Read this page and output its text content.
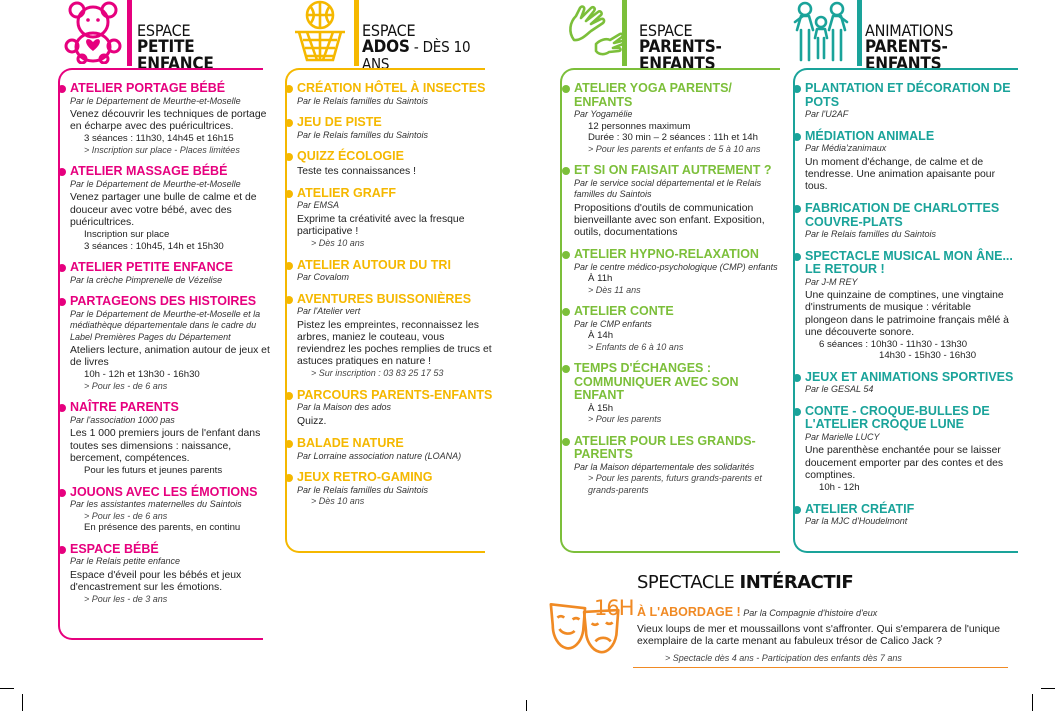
ESPACE
PETITE ENFANCE
ATELIER PORTAGE BÉBÉ
Par le Département de Meurthe-et-Moselle
Venez découvrir les techniques de portage en écharpe avec des puéricultrices.
3 séances : 11h30, 14h45 et 16h15
> Inscription sur place - Places limitées
ATELIER MASSAGE BÉBÉ
Par le Département de Meurthe-et-Moselle
Venez partager une bulle de calme et de douceur avec votre bébé, avec des puéricultrices.
Inscription sur place
3 séances : 10h45, 14h et 15h30
ATELIER PETITE ENFANCE
Par la crèche Pimprenelle de Vézelise
PARTAGEONS DES HISTOIRES
Par le Département de Meurthe-et-Moselle et la médiathèque départementale dans le cadre du Label Premières Pages du Département
Ateliers lecture, animation autour de jeux et de livres
10h - 12h et 13h30 - 16h30
> Pour les - de 6 ans
NAÎTRE PARENTS
Par l'association 1000 pas
Les 1 000 premiers jours de l'enfant dans toutes ses dimensions : naissance, bercement, compétences.
Pour les futurs et jeunes parents
JOUONS AVEC LES ÉMOTIONS
Par les assistantes maternelles du Saintois
> Pour les - de 6 ans
En présence des parents, en continu
ESPACE BÉBÉ
Par le Relais petite enfance
Espace d'éveil pour les bébés et jeux d'encastrement sur les émotions.
> Pour les - de 3 ans
ESPACE
ADOS - DÈS 10 ANS
CRÉATION HÔTEL À INSECTES
Par le Relais familles du Saintois
JEU DE PISTE
Par le Relais familles du Saintois
QUIZZ ÉCOLOGIE
Teste tes connaissances !
ATELIER GRAFF
Par EMSA
Exprime ta créativité avec la fresque participative !
> Dès 10 ans
ATELIER AUTOUR DU TRI
Par Covalom
AVENTURES BUISSONIÈRES
Par l'Atelier vert
Pistez les empreintes, reconnaissez les arbres, maniez le couteau, vous reviendrez les poches remplies de trucs et astuces pratiques en nature !
> Sur inscription : 03 83 25 17 53
PARCOURS PARENTS-ENFANTS
Par la Maison des ados
Quizz.
BALADE NATURE
Par Lorraine association nature (LOANA)
JEUX RETRO-GAMING
Par le Relais familles du Saintois
> Dès 10 ans
ESPACE
PARENTS-ENFANTS
ATELIER YOGA PARENTS/ ENFANTS
Par Yogamélie
12 personnes maximum
Durée : 30 min – 2 séances : 11h et 14h
> Pour les parents et enfants de 5 à 10 ans
ET SI ON FAISAIT AUTREMENT ?
Par le service social départemental et le Relais familles du Saintois
Propositions d'outils de communication bienveillante avec son enfant. Exposition, outils, documentations
ATELIER HYPNO-RELAXATION
Par le centre médico-psychologique (CMP) enfants
À 11h
> Dès 11 ans
ATELIER CONTE
Par le CMP enfants
À 14h
> Enfants de 6 à 10 ans
TEMPS D'ÉCHANGES : COMMUNIQUER AVEC SON ENFANT
À 15h
> Pour les parents
ATELIER POUR LES GRANDS-PARENTS
Par la Maison départementale des solidarités
> Pour les parents, futurs grands-parents et grands-parents
ANIMATIONS
PARENTS-ENFANTS
PLANTATION ET DÉCORATION DE POTS
Par l'U2AF
MÉDIATION ANIMALE
Par Média'zanimaux
Un moment d'échange, de calme et de tendresse. Une animation apaisante pour tous.
FABRICATION DE CHARLOTTES COUVRE-PLATS
Par le Relais familles du Saintois
SPECTACLE MUSICAL MON ÂNE... LE RETOUR !
Par J-M REY
Une quinzaine de comptines, une vingtaine d'instruments de musique : véritable plongeon dans le patrimoine français mêlé à une découverte sonore.
6 séances : 10h30 - 11h30 - 13h30
14h30 - 15h30 - 16h30
JEUX ET ANIMATIONS SPORTIVES
Par le GESAL 54
CONTE - CROQUE-BULLES DE L'ATELIER CROQUE LUNE
Par Marielle LUCY
Une parenthèse enchantée pour se laisser doucement emporter par des contes et des comptines.
10h - 12h
ATELIER CRÉATIF
Par la MJC d'Houdelmont
SPECTACLE INTÉRACTIF
16H À L'ABORDAGE ! Par la Compagnie d'histoire d'eux
Vieux loups de mer et moussaillons vont s'affronter. Qui s'emparera de l'unique exemplaire de la carte menant au fabuleux trésor de Calico Jack ?
> Spectacle dès 4 ans - Participation des enfants dès 7 ans
